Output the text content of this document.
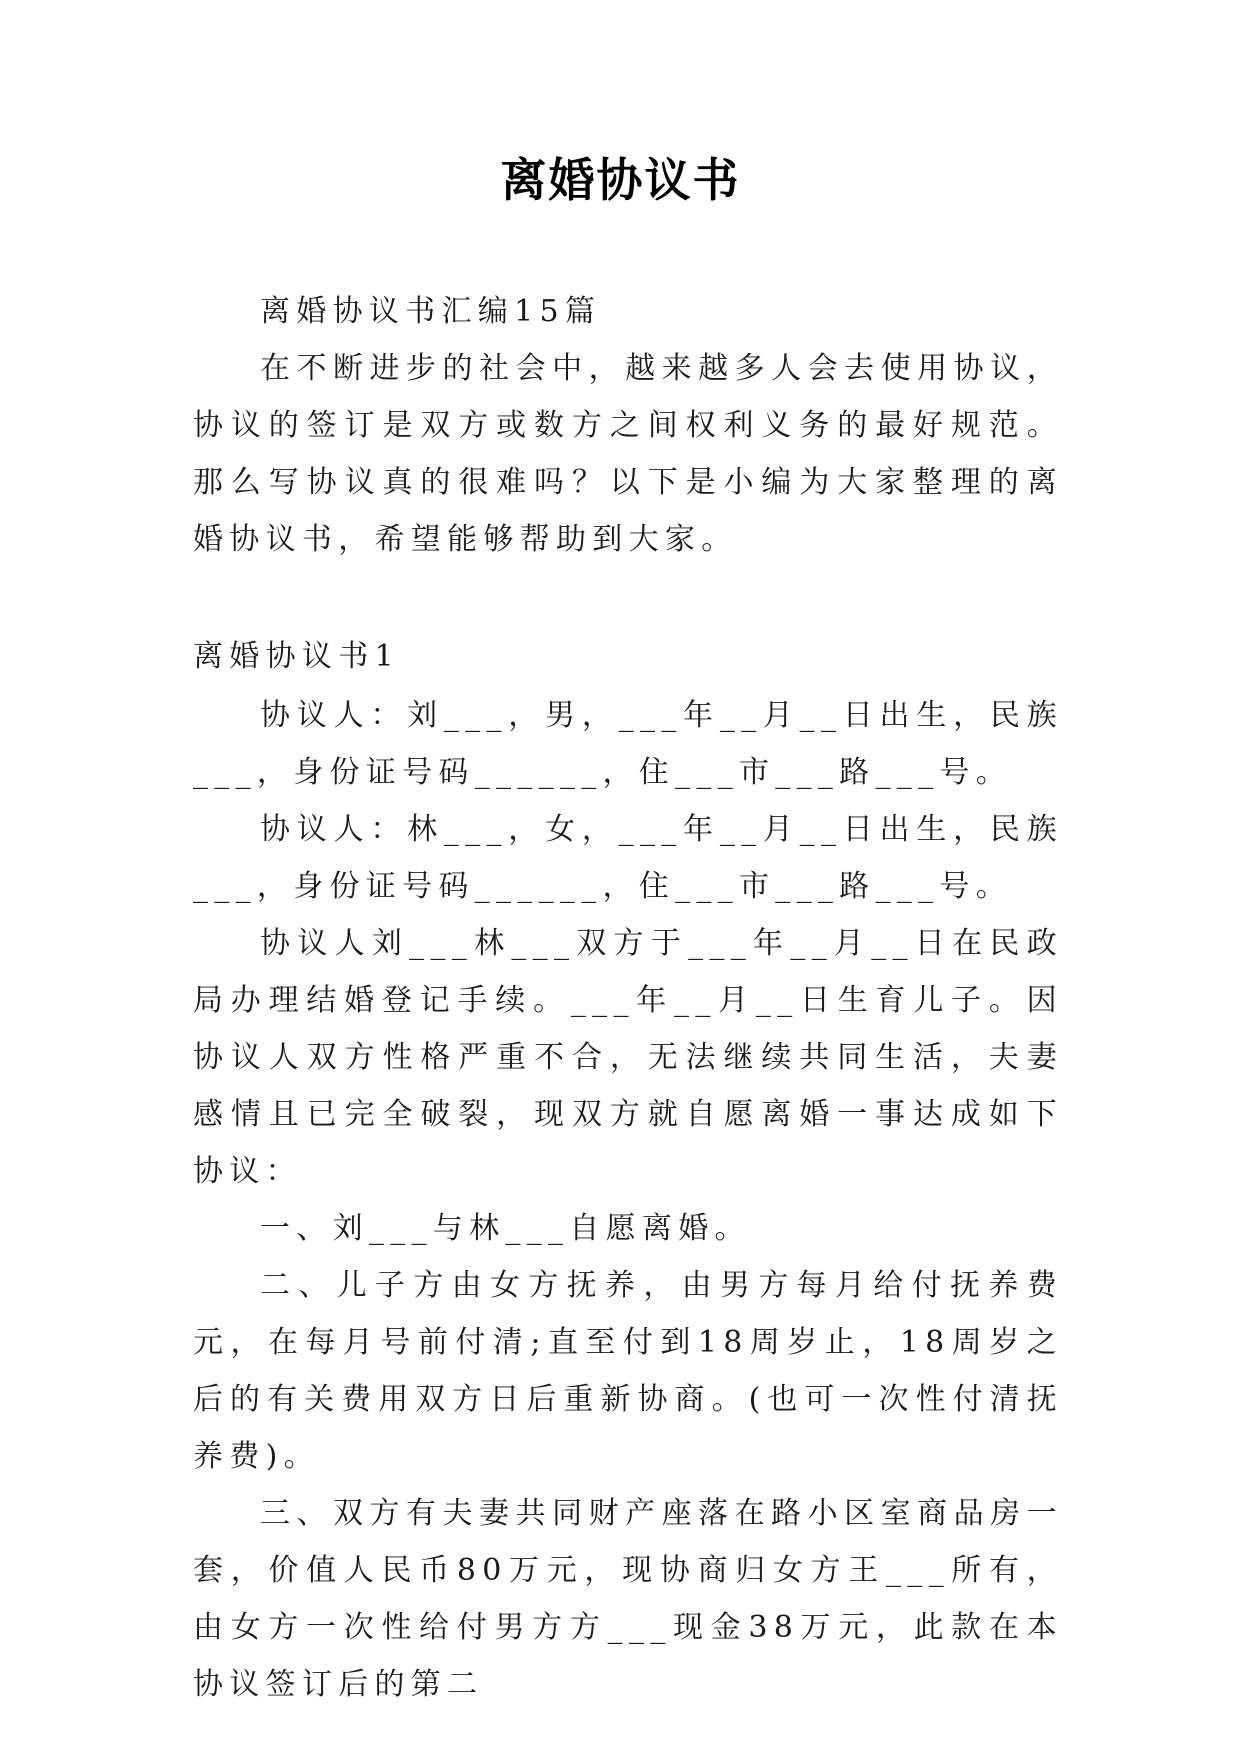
离婚协议书

离婚协议书汇编15篇

在不断进步的社会中，越来越多人会去使用协议，协议的签订是双方或数方之间权利义务的最好规范。那么写协议真的很难吗？以下是小编为大家整理的离婚协议书，希望能够帮助到大家。

离婚协议书1

协议人：刘___，男，___年__月__日出生，民族___，身份证号码______，住___市___路___号。

协议人：林___，女，___年__月__日出生，民族___，身份证号码______，住___市___路___号。

协议人刘___林___双方于___年__月__日在民政局办理结婚登记手续。___年__月__日生育儿子。因协议人双方性格严重不合，无法继续共同生活，夫妻感情且已完全破裂，现双方就自愿离婚一事达成如下协议：

一、刘___与林___自愿离婚。

二、儿子方由女方抚养，由男方每月给付抚养费元，在每月号前付清;直至付到18周岁止，18周岁之后的有关费用双方日后重新协商。(也可一次性付清抚养费)。

三、双方有夫妻共同财产座落在路小区室商品房一套，价值人民币80万元，现协商归女方王___所有，由女方一次性给付男方方___现金38万元，此款在本协议签订后的第二
